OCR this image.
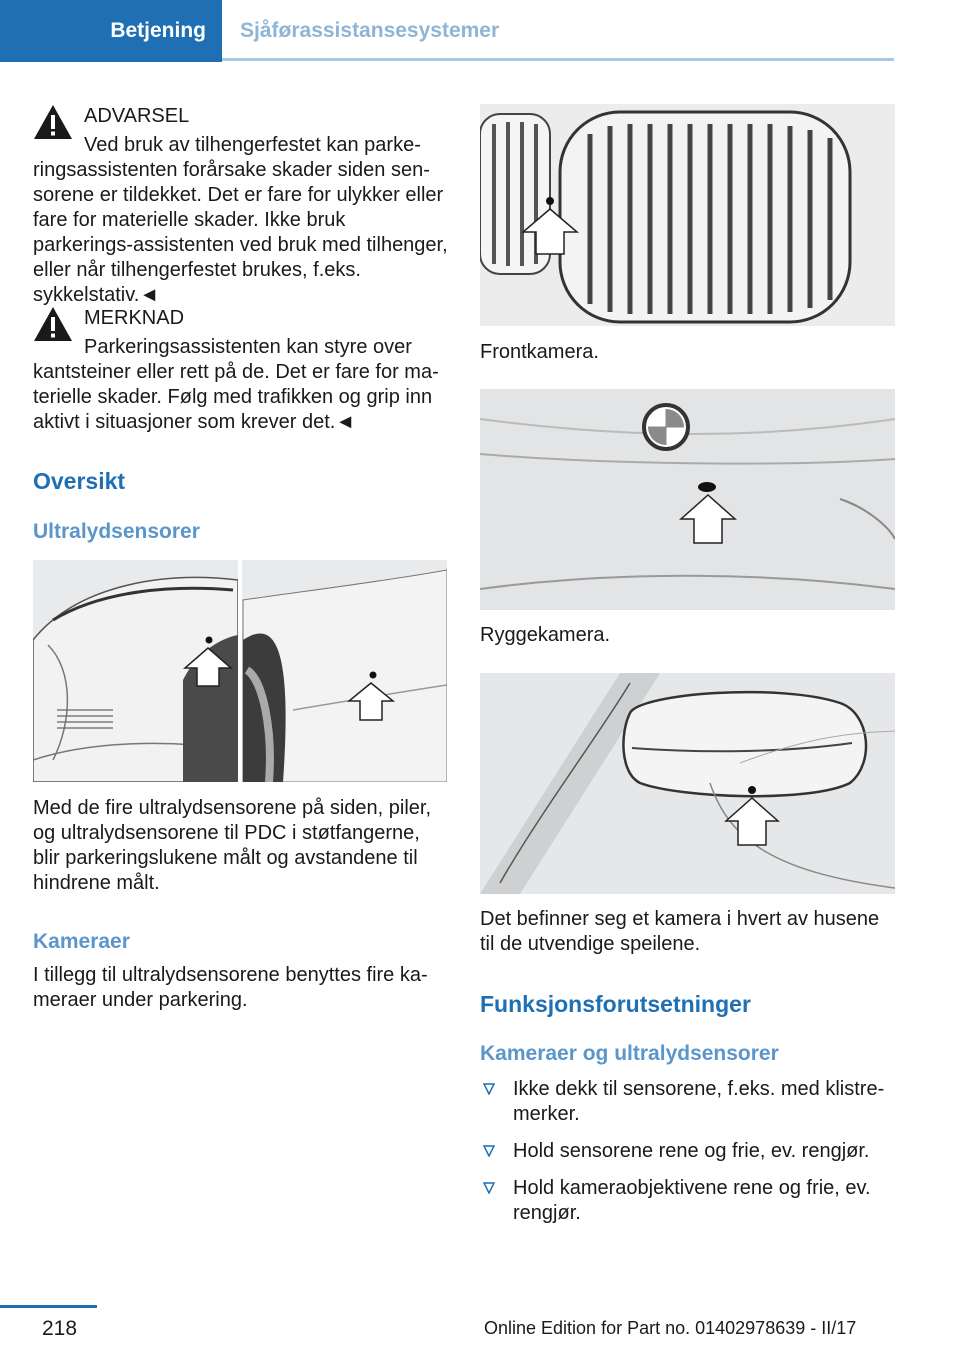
Betjening	Sjåførassistansesystemer
ADVARSEL
Ved bruk av tilhengerfestet kan parke‐
ringsassistenten forårsake skader siden sen‐sorene er tildekket. Det er fare for ulykker eller fare for materielle skader. Ikke bruk parkerings‐assistenten ved bruk med tilhenger, eller når tilhengerfestet brukes, f.eks. sykkelstativ.◄
MERKNAD
Parkeringsassistenten kan styre over
kantsteiner eller rett på de. Det er fare for ma‐terielle skader. Følg med trafikken og grip inn aktivt i situasjoner som krever det.◄
Oversikt
Ultralydsensorer
Med de fire ultralydsensorene på siden, piler, og ultralydsensorene til PDC i støtfangerne, blir parkeringslukene målt og avstandene til hindrene målt.
Kameraer
I tillegg til ultralydsensorene benyttes fire ka‐meraer under parkering.
Frontkamera.
Ryggekamera.
Det befinner seg et kamera i hvert av husene til de utvendige speilene.
Funksjonsforutsetninger
Kameraer og ultralydsensorer
Ikke dekk til sensorene, f.eks. med klistre‐merker.
Hold sensorene rene og frie, ev. rengjør.
Hold kameraobjektivene rene og frie, ev. rengjør.
218	Online Edition for Part no. 01402978639 - II/17
